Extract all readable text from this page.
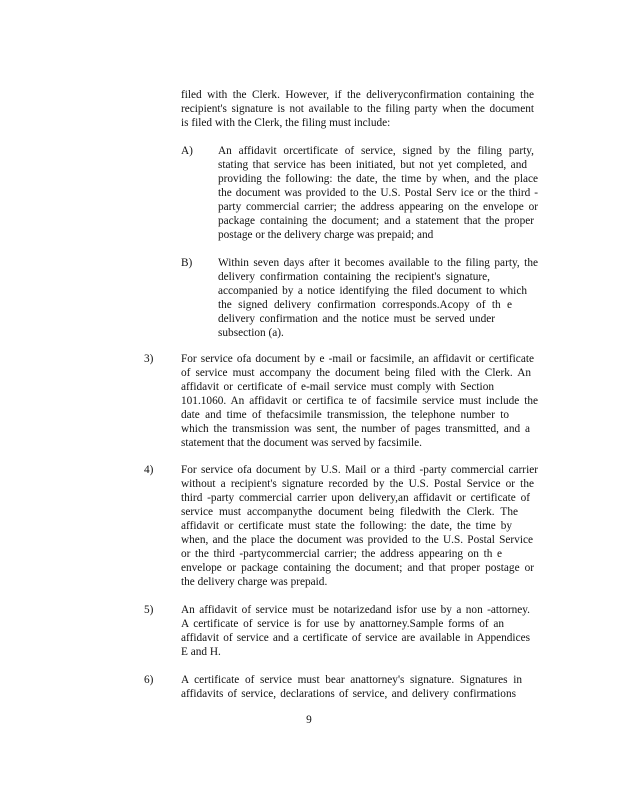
filed with the Clerk. However, if the deliveryconfirmation containing the
recipient's signature is not available to the filing party when the document
is filed with the Clerk, the filing must include:
A) An affidavit orcertificate of service, signed by the filing party,
stating that service has been initiated, but not yet completed, and
providing the following: the date, the time by when, and the place
the document was provided to the U.S. Postal Serv ice or the third -
party commercial carrier; the address appearing on the envelope or
package containing the document; and a statement that the proper
postage or the delivery charge was prepaid; and
B) Within seven days after it becomes available to the filing party, the
delivery confirmation containing the recipient's signature,
accompanied by a notice identifying the filed document to which
the signed delivery confirmation corresponds.Acopy of th e
delivery confirmation and the notice must be served under
subsection (a).
3) For service ofa document by e -mail or facsimile, an affidavit or certificate
of service must accompany the document being filed with the Clerk. An
affidavit or certificate of e-mail service must comply with Section
101.1060. An affidavit or certifica te of facsimile service must include the
date and time of thefacsimile transmission, the telephone number to
which the transmission was sent, the number of pages transmitted, and a
statement that the document was served by facsimile.
4) For service ofa document by U.S. Mail or a third -party commercial carrier
without a recipient's signature recorded by the U.S. Postal Service or the
third -party commercial carrier upon delivery,an affidavit or certificate of
service must accompanythe document being filedwith the Clerk. The
affidavit or certificate must state the following: the date, the time by
when, and the place the document was provided to the U.S. Postal Service
or the third -partycommercial carrier; the address appearing on th e
envelope or package containing the document; and that proper postage or
the delivery charge was prepaid.
5) An affidavit of service must be notarizedand isfor use by a non -attorney.
A certificate of service is for use by anattorney.Sample forms of an
affidavit of service and a certificate of service are available in Appendices
E and H.
6) A certificate of service must bear anattorney's signature. Signatures in
affidavits of service, declarations of service, and delivery confirmations
9
